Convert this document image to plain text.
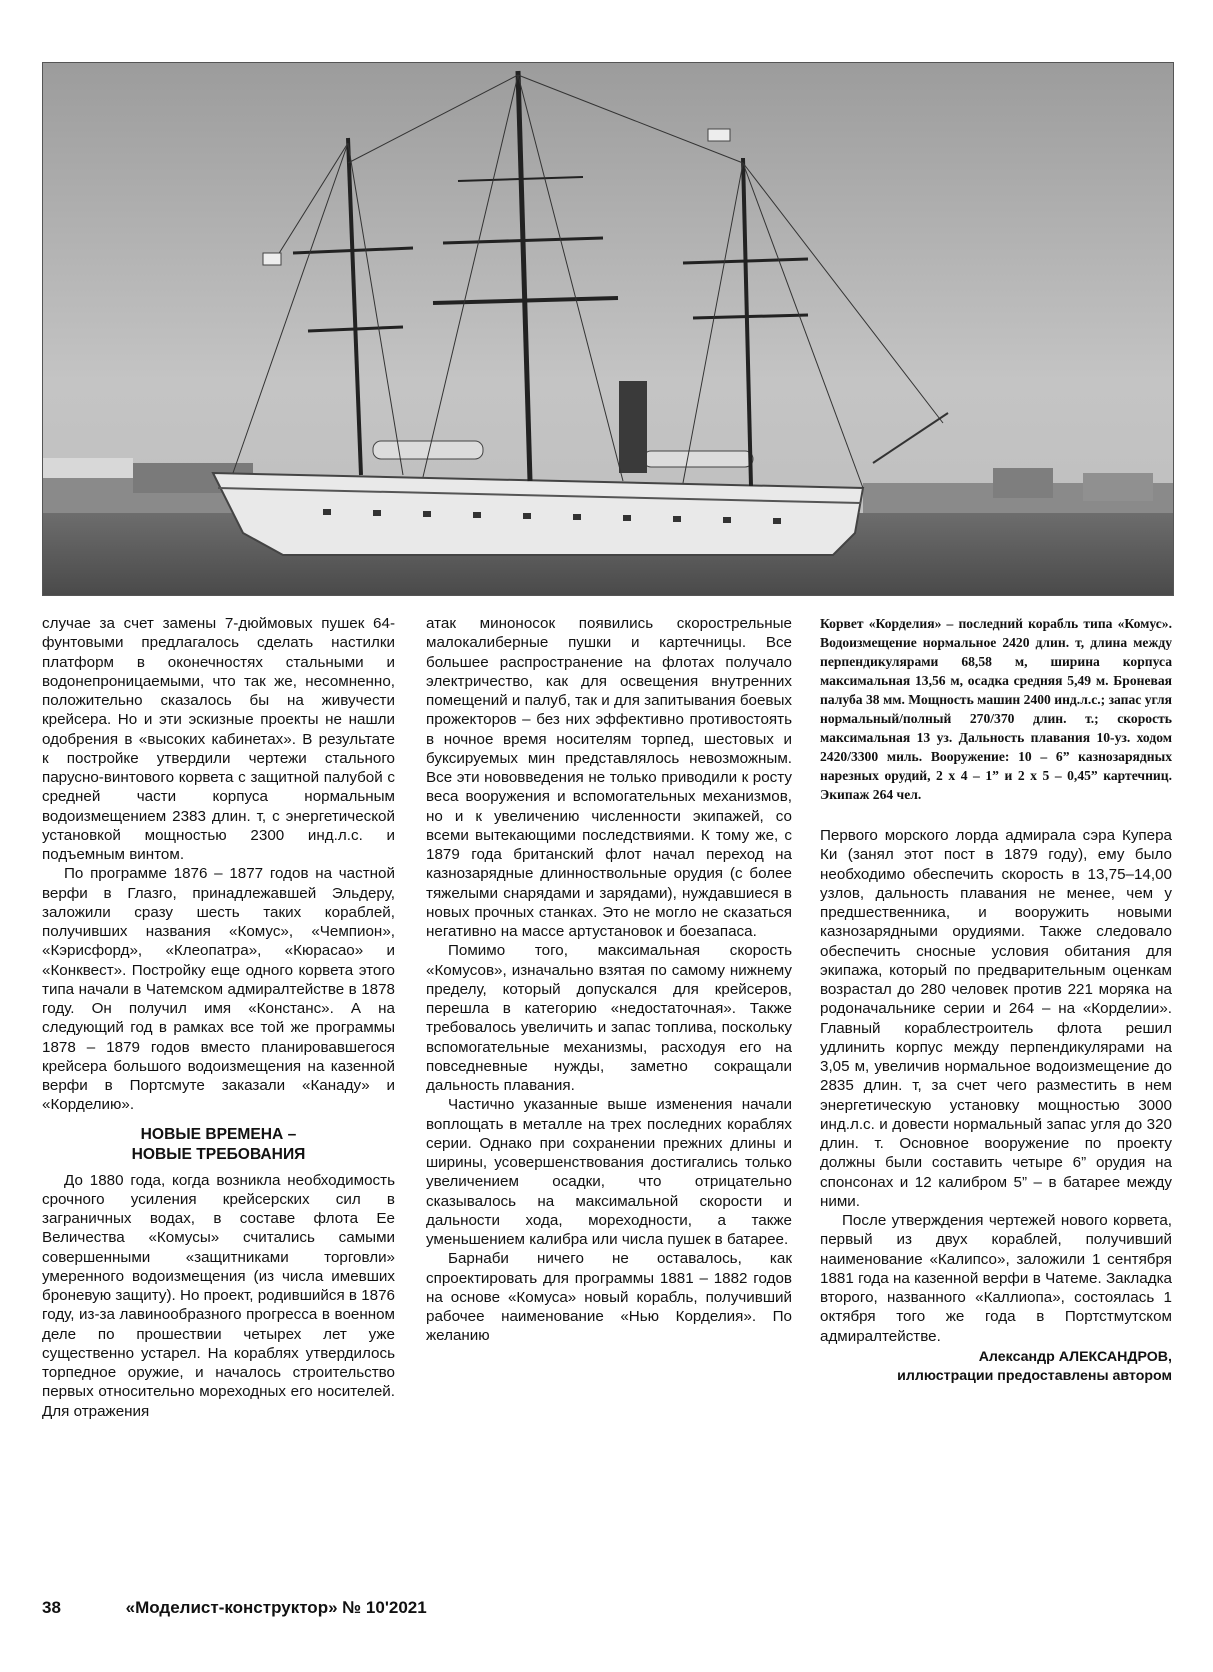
случае за счет замены 7-дюймовых пушек 64-фунтовыми предлагалось сделать настилки платформ в оконечностях стальными и водонепроницаемыми, что так же, несомненно, положительно сказалось бы на живучести крейсера. Но и эти эскизные проекты не нашли одобрения в «высоких кабинетах». В результате к постройке утвердили чертежи стального парусно-винтового корвета с защитной палубой с средней части корпуса нормальным водоизмещением 2383 длин. т, с энергетической установкой мощностью 2300 инд.л.с. и подъемным винтом.

По программе 1876 – 1877 годов на частной верфи в Глазго, принадлежавшей Эльдеру, заложили сразу шесть таких кораблей, получивших названия «Комус», «Чемпион», «Кэрисфорд», «Клеопатра», «Кюрасао» и «Конквест». Постройку еще одного корвета этого типа начали в Чатемском адмиралтействе в 1878 году. Он получил имя «Констанс». А на следующий год в рамках все той же программы 1878 – 1879 годов вместо планировавшегося крейсера большого водоизмещения на казенной верфи в Портсмуте заказали «Канаду» и «Корделию».

НОВЫЕ ВРЕМЕНА –
НОВЫЕ ТРЕБОВАНИЯ

До 1880 года, когда возникла необходимость срочного усиления крейсерских сил в заграничных водах, в составе флота Ее Величества «Комусы» считались самыми совершенными «защитниками торговли» умеренного водоизмещения (из числа имевших броневую защиту). Но проект, родившийся в 1876 году, из-за лавинообразного прогресса в военном деле по прошествии четырех лет уже существенно устарел. На кораблях утвердилось торпедное оружие, и началось строительство первых относительно мореходных его носителей. Для отражения

атак миноносок появились скорострельные малокалиберные пушки и картечницы. Все большее распространение на флотах получало электричество, как для освещения внутренних помещений и палуб, так и для запитывания боевых прожекторов – без них эффективно противостоять в ночное время носителям торпед, шестовых и буксируемых мин представлялось невозможным. Все эти нововведения не только приводили к росту веса вооружения и вспомогательных механизмов, но и к увеличению численности экипажей, со всеми вытекающими последствиями. К тому же, с 1879 года британский флот начал переход на казнозарядные длинноствольные орудия (с более тяжелыми снарядами и зарядами), нуждавшиеся в новых прочных станках. Это не могло не сказаться негативно на массе артустановок и боезапаса.

Помимо того, максимальная скорость «Комусов», изначально взятая по самому нижнему пределу, который допускался для крейсеров, перешла в категорию «недостаточная». Также требовалось увеличить и запас топлива, поскольку вспомогательные механизмы, расходуя его на повседневные нужды, заметно сокращали дальность плавания.

Частично указанные выше изменения начали воплощать в металле на трех последних кораблях серии. Однако при сохранении прежних длины и ширины, усовершенствования достигались только увеличением осадки, что отрицательно сказывалось на максимальной скорости и дальности хода, мореходности, а также уменьшением калибра или числа пушек в батарее.

Барнаби ничего не оставалось, как спроектировать для программы 1881 – 1882 годов на основе «Комуса» новый корабль, получивший рабочее наименование «Нью Корделия». По желанию

Корвет «Корделия» – последний корабль типа «Комус». Водоизмещение нормальное 2420 длин. т, длина между перпендикулярами 68,58 м, ширина корпуса максимальная 13,56 м, осадка средняя 5,49 м. Броневая палуба 38 мм. Мощность машин 2400 инд.л.с.; запас угля нормальный/полный 270/370 длин. т.; скорость максимальная 13 уз. Дальность плавания 10-уз. ходом 2420/3300 миль. Вооружение: 10 – 6” казнозарядных нарезных орудий, 2 х 4 – 1” и 2 х 5 – 0,45” картечниц. Экипаж 264 чел.

Первого морского лорда адмирала сэра Купера Ки (занял этот пост в 1879 году), ему было необходимо обеспечить скорость в 13,75–14,00 узлов, дальность плавания не менее, чем у предшественника, и вооружить новыми казнозарядными орудиями. Также следовало обеспечить сносные условия обитания для экипажа, который по предварительным оценкам возрастал до 280 человек против 221 моряка на родоначальнике серии и 264 – на «Корделии». Главный кораблестроитель флота решил удлинить корпус между перпендикулярами на 3,05 м, увеличив нормальное водоизмещение до 2835 длин. т, за счет чего разместить в нем энергетическую установку мощностью 3000 инд.л.с. и довести нормальный запас угля до 320 длин. т. Основное вооружение по проекту должны были составить четыре 6” орудия на спонсонах и 12 калибром 5” – в батарее между ними.

После утверждения чертежей нового корвета, первый из двух кораблей, получивший наименование «Калипсо», заложили 1 сентября 1881 года на казенной верфи в Чатеме. Закладка второго, названного «Каллиопа», состоялась 1 октября того же года в Портстмутском адмиралтействе.

Александр АЛЕКСАНДРОВ,
иллюстрации предоставлены автором
38	«Моделист-конструктор» № 10'2021
